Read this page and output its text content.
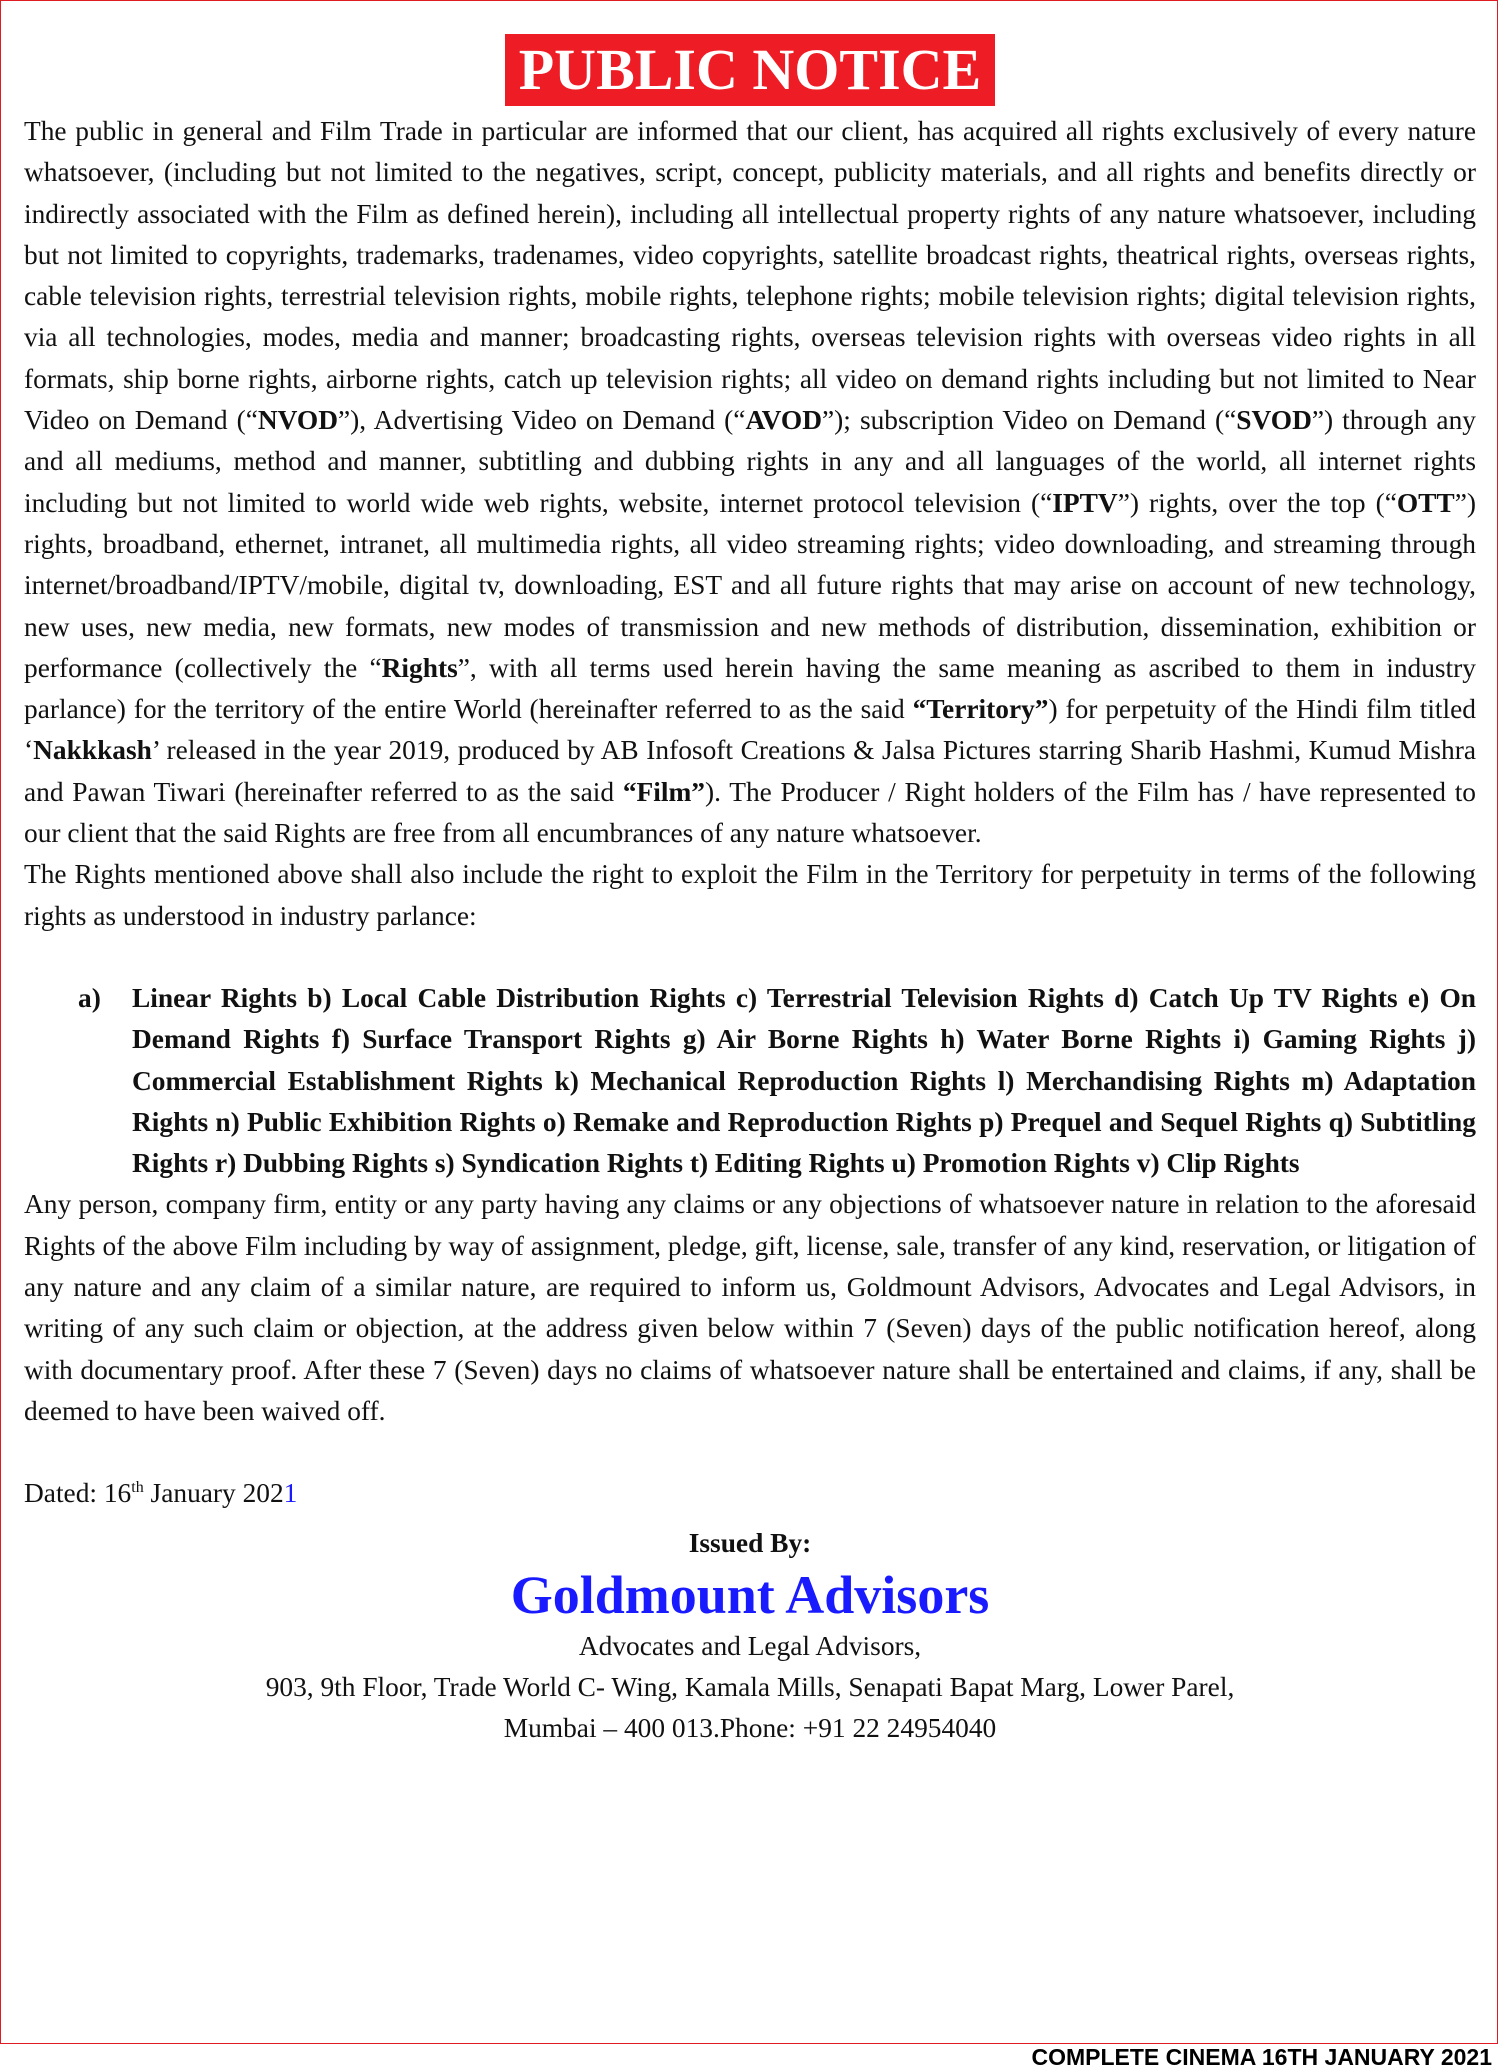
PUBLIC NOTICE

The public in general and Film Trade in particular are informed that our client, has acquired all rights exclusively of every nature whatsoever, (including but not limited to the negatives, script, concept, publicity materials, and all rights and benefits directly or indirectly associated with the Film as defined herein), including all intellectual property rights of any nature whatsoever, including but not limited to copyrights, trademarks, tradenames, video copyrights, satellite broadcast rights, theatrical rights, overseas rights, cable television rights, terrestrial television rights, mobile rights, telephone rights; mobile television rights; digital television rights, via all technologies, modes, media and manner; broadcasting rights, overseas television rights with overseas video rights in all formats, ship borne rights, airborne rights, catch up television rights; all video on demand rights including but not limited to Near Video on Demand (“NVOD”), Advertising Video on Demand (“AVOD”); subscription Video on Demand (“SVOD”) through any and all mediums, method and manner, subtitling and dubbing rights in any and all languages of the world, all internet rights including but not limited to world wide web rights, website, internet protocol television (“IPTV”) rights, over the top (“OTT”) rights, broadband, ethernet, intranet, all multimedia rights, all video streaming rights; video downloading, and streaming through internet/broadband/IPTV/mobile, digital tv, downloading, EST and all future rights that may arise on account of new technology, new uses, new media, new formats, new modes of transmission and new methods of distribution, dissemination, exhibition or performance (collectively the “Rights”, with all terms used herein having the same meaning as ascribed to them in industry parlance) for the territory of the entire World (hereinafter referred to as the said “Territory”) for perpetuity of the Hindi film titled ‘Nakkkash’ released in the year 2019, produced by AB Infosoft Creations & Jalsa Pictures starring Sharib Hashmi, Kumud Mishra and Pawan Tiwari (hereinafter referred to as the said “Film”). The Producer / Right holders of the Film has / have represented to our client that the said Rights are free from all encumbrances of any nature whatsoever.

The Rights mentioned above shall also include the right to exploit the Film in the Territory for perpetuity in terms of the following rights as understood in industry parlance:

a)	Linear Rights b) Local Cable Distribution Rights c) Terrestrial Television Rights d) Catch Up TV Rights e) On Demand Rights f) Surface Transport Rights g) Air Borne Rights h) Water Borne Rights i) Gaming Rights j) Commercial Establishment Rights k) Mechanical Reproduction Rights l) Merchandising Rights m) Adaptation Rights n) Public Exhibition Rights o) Remake and Reproduction Rights p) Prequel and Sequel Rights q) Subtitling Rights r) Dubbing Rights s) Syndication Rights t) Editing Rights u) Promotion Rights v) Clip Rights

Any person, company firm, entity or any party having any claims or any objections of whatsoever nature in relation to the aforesaid Rights of the above Film including by way of assignment, pledge, gift, license, sale, transfer of any kind, reservation, or litigation of any nature and any claim of a similar nature, are required to inform us, Goldmount Advisors, Advocates and Legal Advisors, in writing of any such claim or objection, at the address given below within 7 (Seven) days of the public notification hereof, along with documentary proof. After these 7 (Seven) days no claims of whatsoever nature shall be entertained and claims, if any, shall be deemed to have been waived off.

Dated: 16th January 2021

Issued By:

Goldmount Advisors

Advocates and Legal Advisors,

903, 9th Floor, Trade World C- Wing, Kamala Mills, Senapati Bapat Marg, Lower Parel,

Mumbai – 400 013.Phone: +91 22 24954040

COMPLETE CINEMA 16TH JANUARY 2021
